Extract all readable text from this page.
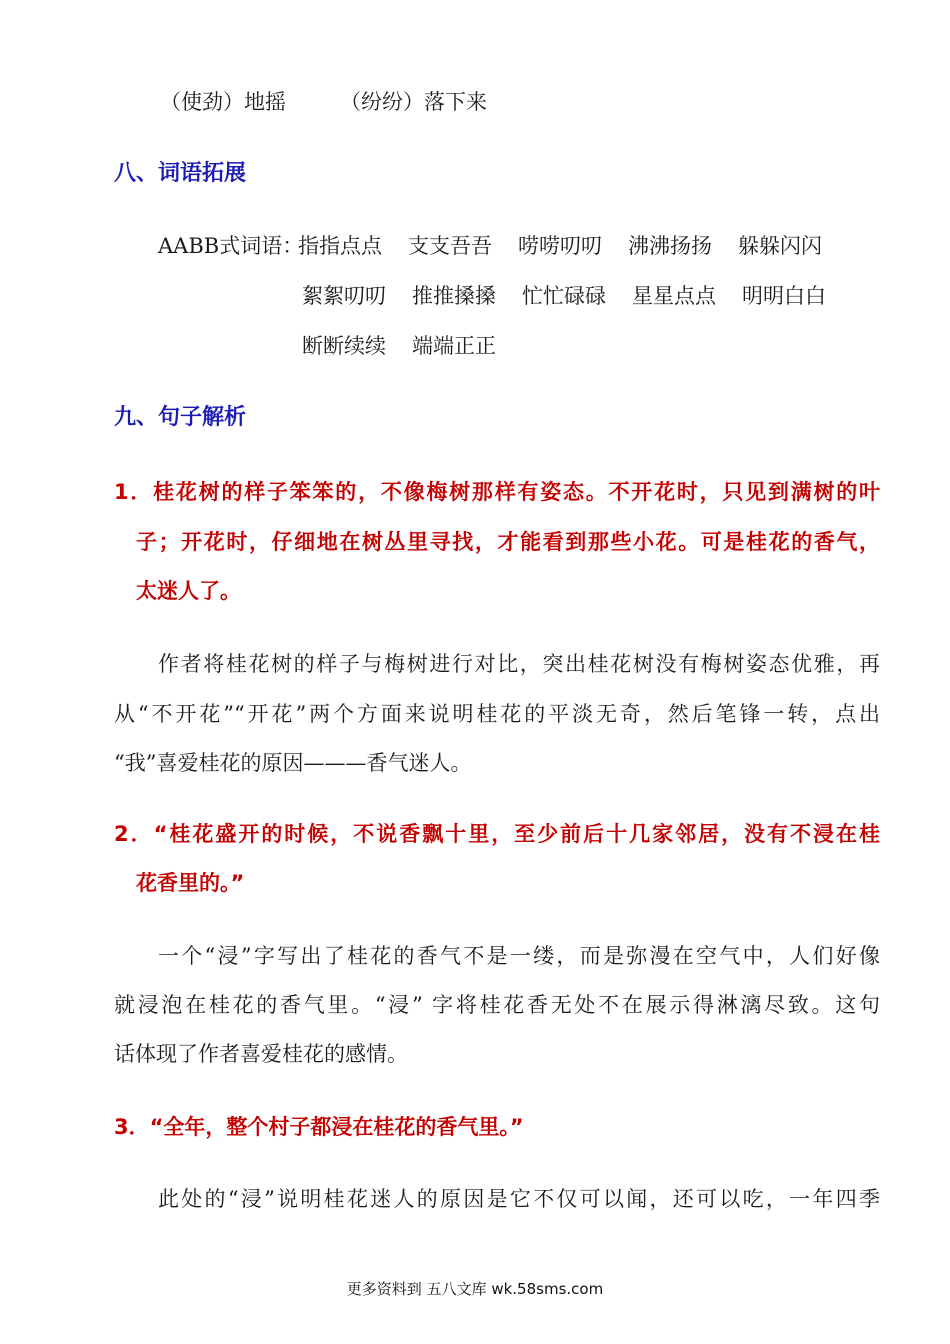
（使劲）地摇	（纷纷）落下来
八、词语拓展
AABB式词语：
指指点点 支支吾吾 唠唠叨叨 沸沸扬扬 躲躲闪闪
絮絮叨叨 推推搡搡 忙忙碌碌 星星点点 明明白白
断断续续 端端正正
九、句子解析
1．桂花树的样子笨笨的，不像梅树那样有姿态。不开花时，只见到满树的叶
子；开花时，仔细地在树丛里寻找，才能看到那些小花。可是桂花的香气，
太迷人了。
作者将桂花树的样子与梅树进行对比，突出桂花树没有梅树姿态优雅，再
从“不开花”“开花”两个方面来说明桂花的平淡无奇，然后笔锋一转，点出
“我”喜爱桂花的原因———香气迷人。
2．“桂花盛开的时候，不说香飘十里，至少前后十几家邻居，没有不浸在桂
花香里的。”
一个“浸”字写出了桂花的香气不是一缕，而是弥漫在空气中，人们好像
就浸泡在桂花的香气里。“浸” 字将桂花香无处不在展示得淋漓尽致。这句
话体现了作者喜爱桂花的感情。
3．“全年，整个村子都浸在桂花的香气里。”
此处的“浸”说明桂花迷人的原因是它不仅可以闻，还可以吃，一年四季
更多资料到 五八文库 wk.58sms.com
